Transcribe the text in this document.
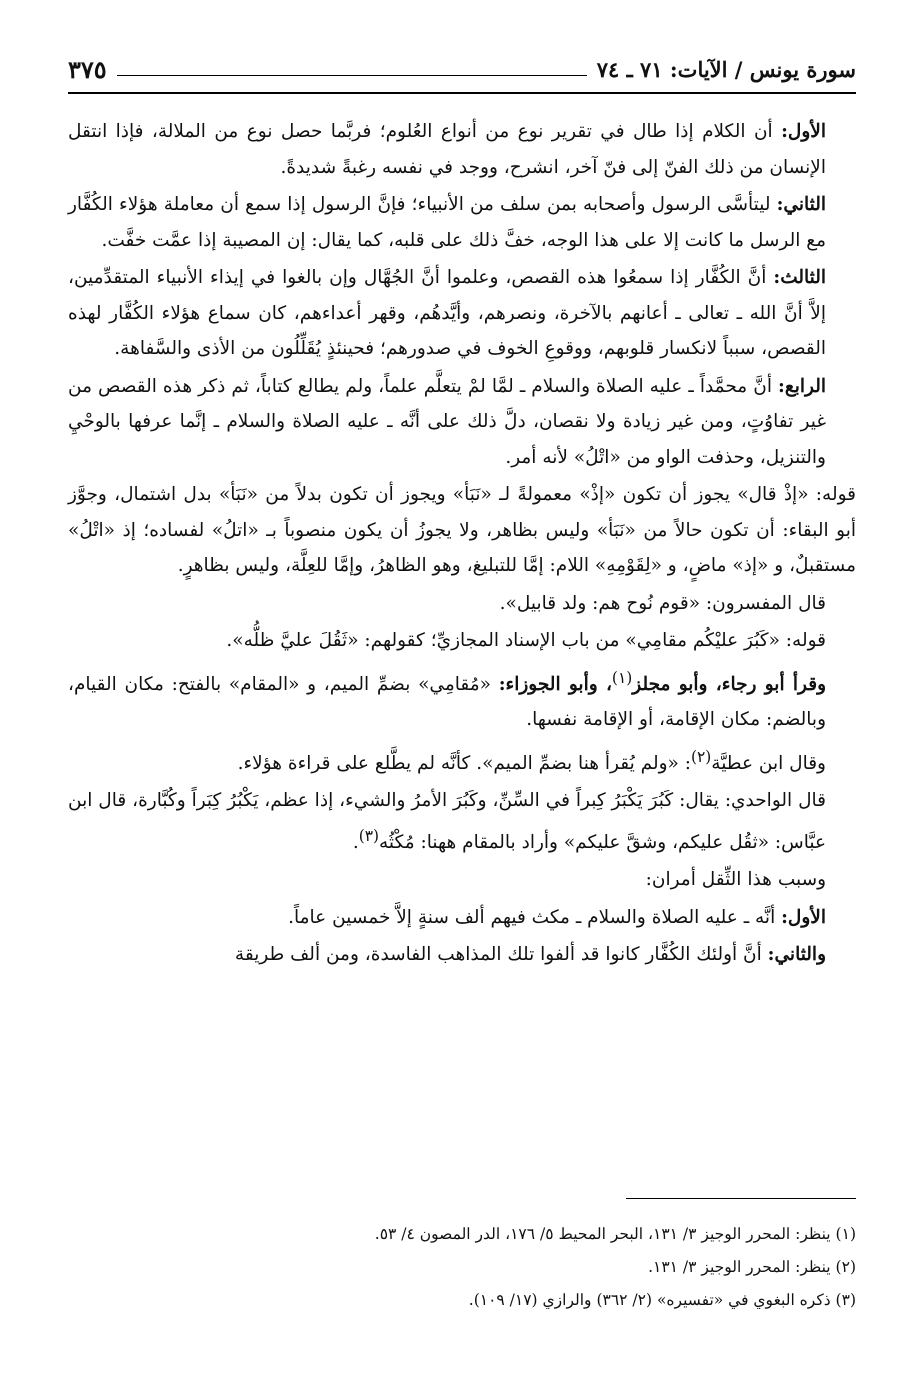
سورة يونس / الآيات: ٧١ ـ ٧٤
٣٧٥

الأول: أن الكلام إذا طال في تقرير نوع من أنواع العُلوم؛ فربَّما حصل نوع من الملالة، فإذا انتقل الإنسان من ذلك الفنّ إلى فنّ آخر، انشرح، ووجد في نفسه رغبةً شديدةً.

الثاني: ليتأسَّى الرسول وأصحابه بمن سلف من الأنبياء؛ فإنَّ الرسول إذا سمع أن معاملة هؤلاء الكُفَّار مع الرسل ما كانت إلا على هذا الوجه، خفَّ ذلك على قلبه، كما يقال: إن المصيبة إذا عمَّت خفَّت.

الثالث: أنَّ الكُفَّار إذا سمعُوا هذه القصص، وعلموا أنَّ الجُهَّال وإن بالغوا في إيذاء الأنبياء المتقدِّمين، إلاَّ أنَّ الله ـ تعالى ـ أعانهم بالآخرة، ونصرهم، وأيَّدهُم، وقهر أعداءهم، كان سماع هؤلاء الكُفَّار لهذه القصص، سبباً لانكسار قلوبهم، ووقوعِ الخوف في صدورهم؛ فحينئذٍ يُقَلِّلُون من الأذى والسَّفاهة.

الرابع: أنَّ محمَّداً ـ عليه الصلاة والسلام ـ لمَّا لمْ يتعلَّم علماً، ولم يطالع كتاباً، ثم ذكر هذه القصص من غير تفاوُتٍ، ومن غير زيادة ولا نقصان، دلَّ ذلك على أنَّه ـ عليه الصلاة والسلام ـ إنَّما عرفها بالوحْيِ والتنزيل، وحذفت الواو من «اتْلُ» لأنه أمر.

قوله: «إذْ قال» يجوز أن تكون «إذْ» معمولةً لـ «نَبَأ» ويجوز أن تكون بدلاً من «نَبَأ» بدل اشتمال، وجوَّز أبو البقاء: أن تكون حالاً من «نَبَأ» وليس بظاهر، ولا يجوزُ أن يكون منصوباً بـ «اتلُ» لفساده؛ إذ «اتْلُ» مستقبلٌ، و «إذ» ماضٍ، و «لِقَوْمِهِ» اللام: إمَّا للتبليغ، وهو الظاهرُ، وإمَّا للعِلَّة، وليس بظاهرٍ.

قال المفسرون: «قوم نُوح هم: ولد قابيل».

قوله: «كَبُرَ عليْكُم مقامِي» من باب الإسناد المجازيِّ؛ كقولهم: «ثَقُلَ عليَّ ظلُّه».

وقرأ أبو رجاء، وأبو مجلز$^{(١)}$، وأبو الجوزاء: «مُقامِي» بضمِّ الميم، و «المقام» بالفتح: مكان القيام، وبالضم: مكان الإقامة، أو الإقامة نفسها.

وقال ابن عطيَّة$^{(٢)}$: «ولم يُقرأ هنا بضمِّ الميم». كأنَّه لم يطَّلع على قراءة هؤلاء.

قال الواحدي: يقال: كَبُرَ يَكْبَرُ كِبراً في السِّنِّ، وكَبُرَ الأمرُ والشيء، إذا عظم، يَكْبُرُ كِبَراً وكُبَّارة، قال ابن عبَّاس: «ثقُل عليكم، وشقَّ عليكم» وأراد بالمقام ههنا: مُكْثُه$^{(٣)}$.

وسبب هذا الثِّقل أمران:

الأول: أنَّه ـ عليه الصلاة والسلام ـ مكث فيهم ألف سنةٍ إلاَّ خمسين عاماً.

والثاني: أنَّ أولئك الكُفَّار كانوا قد ألفوا تلك المذاهب الفاسدة، ومن ألف طريقة

(١) ينظر: المحرر الوجيز ٣/ ١٣١، البحر المحيط ٥/ ١٧٦، الدر المصون ٤/ ٥٣.
(٢) ينظر: المحرر الوجيز ٣/ ١٣١.
(٣) ذكره البغوي في «تفسيره» (٢/ ٣٦٢) والرازي (١٧/ ١٠٩).
